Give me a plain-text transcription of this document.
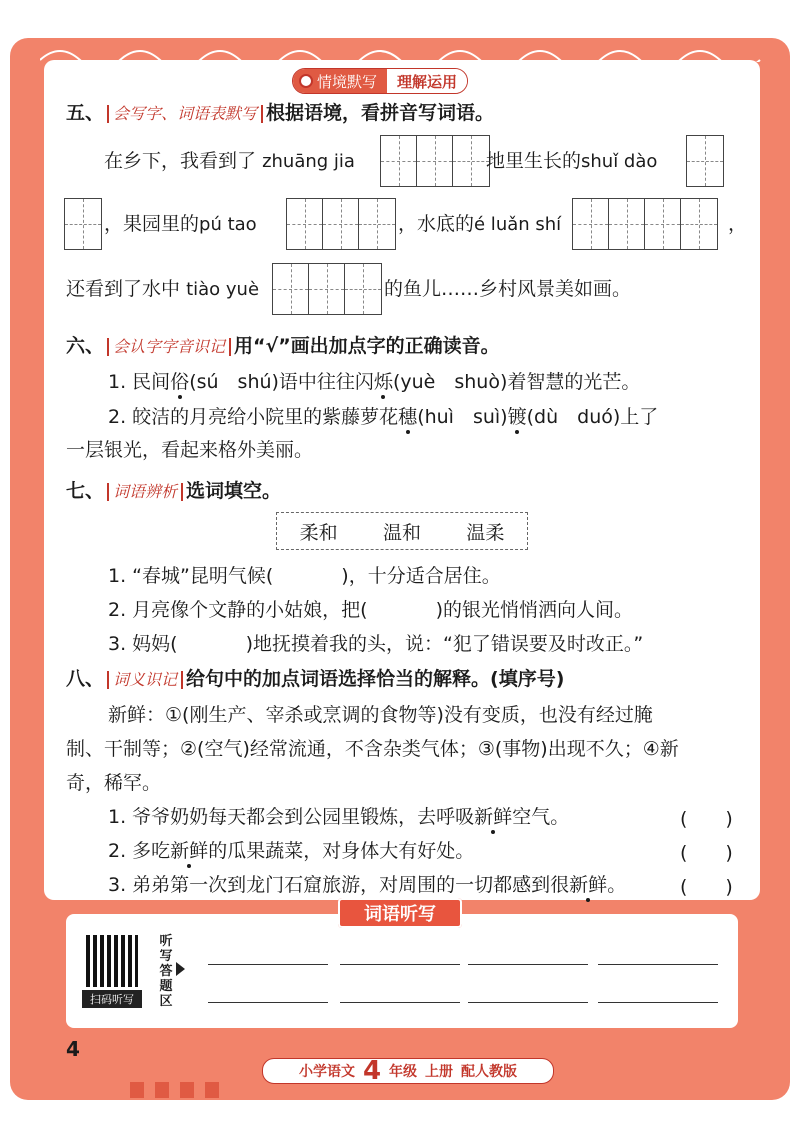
情境默写	理解运用
五、 会写字、词语表默写 根据语境，看拼音写词语。
在乡下，我看到了 zhuāng jia	地里生长的shuǐ dào
，果园里的pú tao	，水底的é luǎn shí	，
还看到了水中 tiào yuè	的鱼儿……乡村风景美如画。
六、 会认字字音识记 用“√”画出加点字的正确读音。
1. 民间俗(sú　shú)语中往往闪烁(yuè　shuò)着智慧的光芒。
2. 皎洁的月亮给小院里的紫藤萝花穗(huì　suì)镀(dù　duó)上了
一层银光，看起来格外美丽。
七、 词语辨析 选词填空。
柔和 温和 温柔
1. “春城”昆明气候(	)，十分适合居住。
2. 月亮像个文静的小姑娘，把(	)的银光悄悄洒向人间。
3. 妈妈(	)地抚摸着我的头，说：“犯了错误要及时改正。”
八、 词义识记 给句中的加点词语选择恰当的解释。(填序号)
新鲜：①(刚生产、宰杀或烹调的食物等)没有变质，也没有经过腌
制、干制等；②(空气)经常流通，不含杂类气体；③(事物)出现不久；④新
奇，稀罕。
1. 爷爷奶奶每天都会到公园里锻炼，去呼吸新鲜空气。	(　　)
2. 多吃新鲜的瓜果蔬菜，对身体大有好处。	(　　)
3. 弟弟第一次到龙门石窟旅游，对周围的一切都感到很新鲜。	(　　)
词语听写
扫码听写
听写答题区
4
小学语文 4 年级 上册 配人教版
